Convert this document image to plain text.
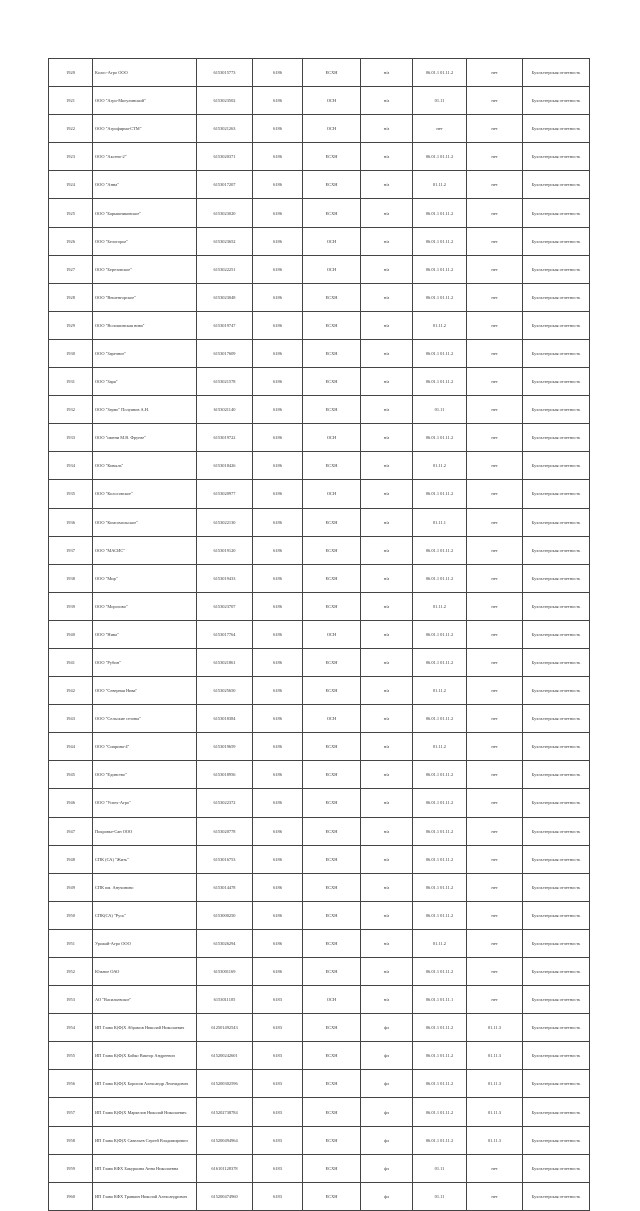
1920	Колос-Агро ООО	6153015773	6186	ЕСХН	н/а	06.01.1 01.11.2	нет	Бухгалтерская отчетность
1921	ООО "Агро-Мигулинский"	6153023502	6186	ОСН	н/а	01.11	нет	Бухгалтерская отчетность
1922	ООО "Агрофирма-СТМ"	6153021263	6186	ОСН	н/а	нет	нет	Бухгалтерская отчетность
1923	ООО "Аксено-2"	6153020371	6186	ЕСХН	н/а	06.01.1 01.11.2	нет	Бухгалтерская отчетность
1924	ООО "Анна"	6153017207	6186	ЕСХН	н/а	01.11.2	нет	Бухгалтерская отчетность
1925	ООО "Барышниковское"	6153023020	6186	ЕСХН	н/а	06.01.1 01.11.2	нет	Бухгалтерская отчетность
1926	ООО "Белогорье"	6153023652	6186	ОСН	н/а	06.01.1 01.11.2	нет	Бухгалтерская отчетность
1927	ООО "Березовское"	6153022251	6186	ОСН	н/а	06.01.1 01.11.2	нет	Бухгалтерская отчетность
1928	ООО "Вешенгорское"	6153023048	6186	ЕСХН	н/а	06.01.1 01.11.2	нет	Бухгалтерская отчетность
1929	ООО "Волошинская нива"	6153019747	6186	ЕСХН	н/а	01.11.2	нет	Бухгалтерская отчетность
1930	ООО "Заречное"	6153017609	6186	ЕСХН	н/а	06.01.1 01.11.2	нет	Бухгалтерская отчетность
1931	ООО "Заря"	6153021578	6186	ЕСХН	н/а	06.01.1 01.11.2	нет	Бухгалтерская отчетность
1932	ООО "Зерно" Полуянов А.Н.	6153021140	6186	ЕСХН	н/а	01.11	нет	Бухгалтерская отчетность
1933	ООО "имени М.В. Фрунзе"	6153019722	6186	ОСН	н/а	06.01.1 01.11.2	нет	Бухгалтерская отчетность
1934	ООО "Ковыль"	6153018426	6186	ЕСХН	н/а	01.11.2	нет	Бухгалтерская отчетность
1935	ООО "Колосовское"	6153020977	6186	ОСН	н/а	06.01.1 01.11.2	нет	Бухгалтерская отчетность
1936	ООО "Комсомольское"	6153022130	6186	ЕСХН	н/а	01.11.1	нет	Бухгалтерская отчетность
1937	ООО "МАСИС"	6153019120	6186	ЕСХН	н/а	06.01.1 01.11.2	нет	Бухгалтерская отчетность
1938	ООО "Мир"	6153019433	6186	ЕСХН	н/а	06.01.1 01.11.2	нет	Бухгалтерская отчетность
1939	ООО "Морозово"	6153023707	6186	ЕСХН	н/а	01.11.2	нет	Бухгалтерская отчетность
1940	ООО "Нива"	6153017764	6186	ОСН	н/а	06.01.1 01.11.2	нет	Бухгалтерская отчетность
1941	ООО "Рубин"	6153021861	6186	ЕСХН	н/а	06.01.1 01.11.2	нет	Бухгалтерская отчетность
1942	ООО "Северная Нива"	6153025650	6186	ЕСХН	н/а	01.11.2	нет	Бухгалтерская отчетность
1943	ООО "Сельские сезоны"	6153018384	6186	ОСН	н/а	06.01.1 01.11.2	нет	Бухгалтерская отчетность
1944	ООО "Сиприна-4"	6153019659	6186	ЕСХН	н/а	01.11.2	нет	Бухгалтерская отчетность
1945	ООО "Единство"	6153018956	6186	ЕСХН	н/а	06.01.1 01.11.2	нет	Бухгалтерская отчетность
1946	ООО "Успех-Агро"	6153022372	6186	ЕСХН	н/а	06.01.1 01.11.2	нет	Бухгалтерская отчетность
1947	Покровье-Сан ООО	6153020778	6186	ЕСХН	н/а	06.01.1 01.11.2	нет	Бухгалтерская отчетность
1948	СПК (СА) "Жить"	6153016753	6186	ЕСХН	н/а	06.01.1 01.11.2	нет	Бухгалтерская отчетность
1949	СПК им. Анучиново	6153014478	6186	ЕСХН	н/а	06.01.1 01.11.2	нет	Бухгалтерская отчетность
1950	СПК(СА) "Русь"	6153000250	6186	ЕСХН	н/а	06.01.1 01.11.2	нет	Бухгалтерская отчетность
1951	Урожай-Агро ООО	6153026294	6186	ЕСХН	н/а	01.11.2	нет	Бухгалтерская отчетность
1952	Южное ОАО	6153001169	6186	ЕСХН	н/а	06.01.1 01.11.2	нет	Бухгалтерская отчетность
1953	АО "Васильевское"	6153011105	6183	ОСН	н/а	06.01.1 01.11.1	нет	Бухгалтерская отчетность
1954	ИП Глава К(Ф)Х Абрамов Николай Николаевич	612501492543	6183	ЕСХН	фл	06.01.1 01.11.2	01.11.3	Бухгалтерская отчетность
1955	ИП Глава К(Ф)Х Бойко Виктор Андреевич	615200242601	6183	ЕСХН	фл	06.01.1 01.11.2	01.11.3	Бухгалтерская отчетность
1956	ИП Глава К(Ф)Х Борисов Александр Леонидович	615200302596	6183	ЕСХН	фл	06.01.1 01.11.2	01.11.3	Бухгалтерская отчетность
1957	ИП Глава К(Ф)Х Маркелов Николай Николаевич	615202738784	6183	ЕСХН	фл	06.01.1 01.11.2	01.11.3	Бухгалтерская отчетность
1958	ИП Глава К(Ф)Х Савельев Сергей Владимирович	615200494964	6183	ЕСХН	фл	06.01.1 01.11.2	01.11.3	Бухгалтерская отчетность
1959	ИП Глава КФХ Бакуркина Анна Николаевна	616101128378	6183	ЕСХН	фл	01.11	нет	Бухгалтерская отчетность
1960	ИП Глава КФХ Травкин Николай Александрович	615200474960	6183	ЕСХН	фл	01.11	нет	Бухгалтерская отчетность
